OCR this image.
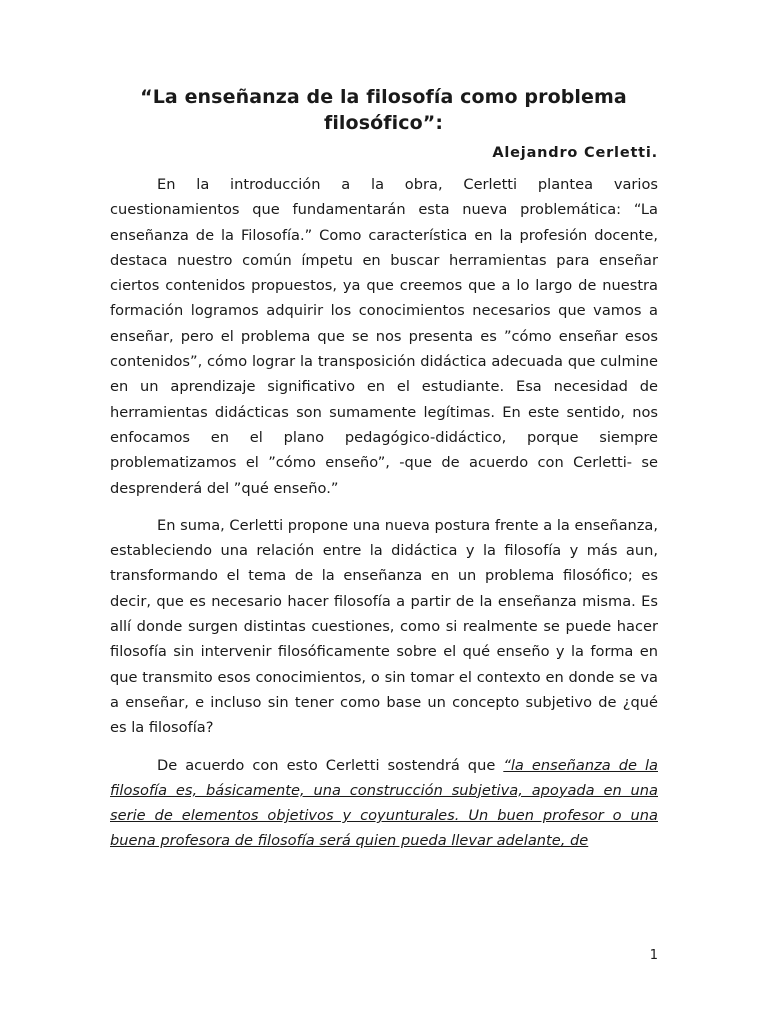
“La enseñanza de la filosofía como problema filosófico”:
Alejandro Cerletti.

En la introducción a la obra, Cerletti plantea varios cuestionamientos que fundamentarán esta nueva problemática: “La enseñanza de la Filosofía.” Como característica en la profesión docente, destaca nuestro común ímpetu en buscar herramientas para enseñar ciertos contenidos propuestos, ya que creemos que a lo largo de nuestra formación logramos adquirir los conocimientos necesarios que vamos a enseñar, pero el problema que se nos presenta es ”cómo enseñar esos contenidos”, cómo lograr la transposición didáctica adecuada que culmine en un aprendizaje significativo en el estudiante. Esa necesidad de herramientas didácticas son sumamente legítimas. En este sentido, nos enfocamos en el plano pedagógico-didáctico, porque siempre problematizamos el ”cómo enseño”, -que de acuerdo con Cerletti- se desprenderá del ”qué enseño.”

En suma, Cerletti propone una nueva postura frente a la enseñanza, estableciendo una relación entre la didáctica y la filosofía y más aun, transformando el tema de la enseñanza en un problema filosófico; es decir, que es necesario hacer filosofía a partir de la enseñanza misma. Es allí donde surgen distintas cuestiones, como si realmente se puede hacer filosofía sin intervenir filosóficamente sobre el qué enseño y la forma en que transmito esos conocimientos, o sin tomar el contexto en donde se va a enseñar, e incluso sin tener como base un concepto subjetivo de ¿qué es la filosofía?

De acuerdo con esto Cerletti sostendrá que “la enseñanza de la filosofía es, básicamente, una construcción subjetiva, apoyada en una serie de elementos objetivos y coyunturales. Un buen profesor o una buena profesora de filosofía será quien pueda llevar adelante, de

1
